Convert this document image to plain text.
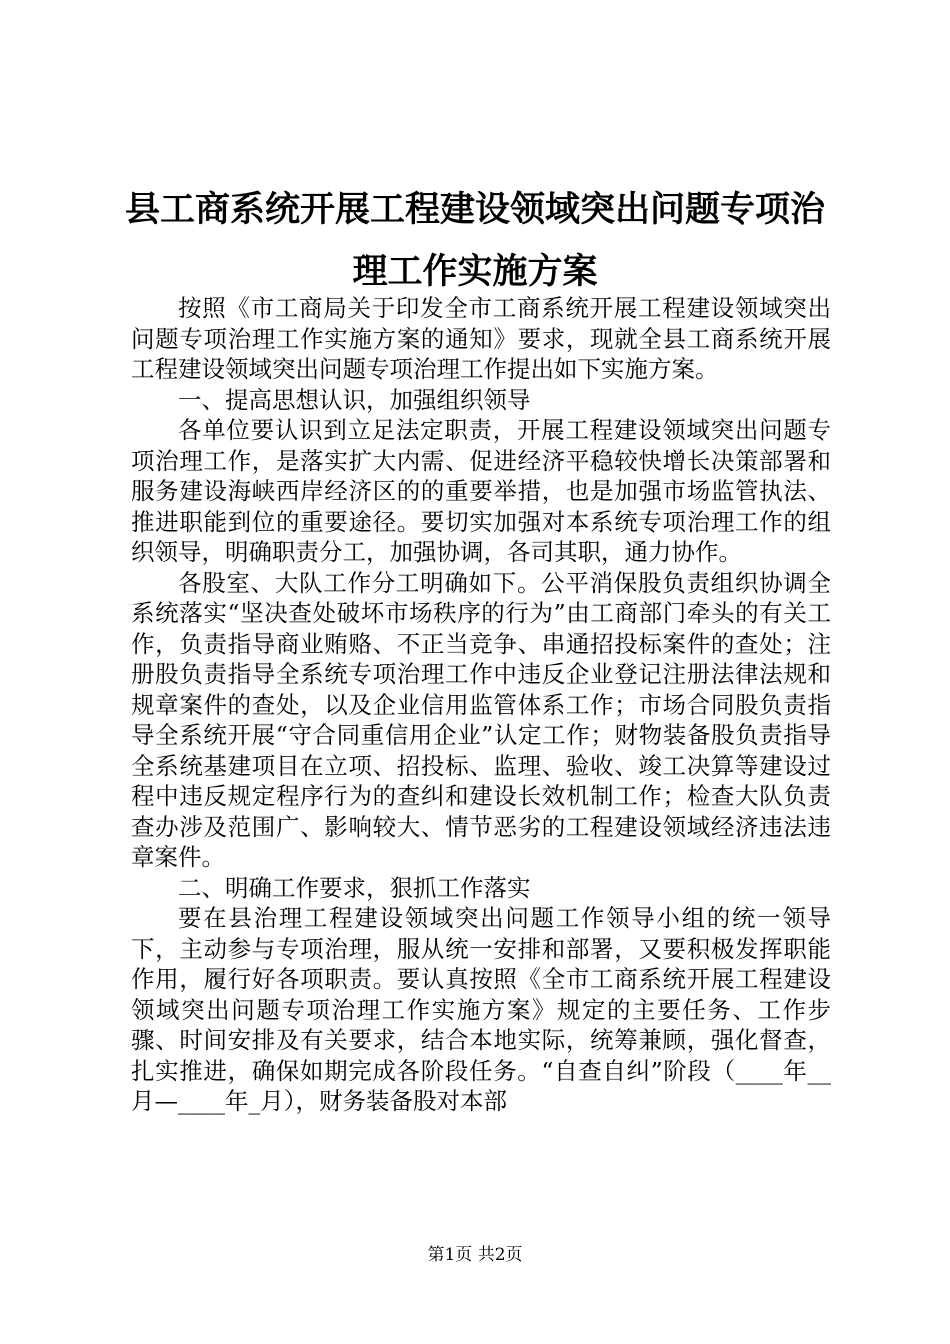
县工商系统开展工程建设领域突出问题专项治
理工作实施方案

按照《市工商局关于印发全市工商系统开展工程建设领域突出问题专项治理工作实施方案的通知》要求，现就全县工商系统开展工程建设领域突出问题专项治理工作提出如下实施方案。

一、提高思想认识，加强组织领导

各单位要认识到立足法定职责，开展工程建设领域突出问题专项治理工作，是落实扩大内需、促进经济平稳较快增长决策部署和服务建设海峡西岸经济区的的重要举措，也是加强市场监管执法、推进职能到位的重要途径。要切实加强对本系统专项治理工作的组织领导，明确职责分工，加强协调，各司其职，通力协作。

各股室、大队工作分工明确如下。公平消保股负责组织协调全系统落实“坚决查处破坏市场秩序的行为”由工商部门牵头的有关工作，负责指导商业贿赂、不正当竞争、串通招投标案件的查处；注册股负责指导全系统专项治理工作中违反企业登记注册法律法规和规章案件的查处，以及企业信用监管体系工作；市场合同股负责指导全系统开展“守合同重信用企业”认定工作；财物装备股负责指导全系统基建项目在立项、招投标、监理、验收、竣工决算等建设过程中违反规定程序行为的查纠和建设长效机制工作；检查大队负责查办涉及范围广、影响较大、情节恶劣的工程建设领域经济违法违章案件。

二、明确工作要求，狠抓工作落实

要在县治理工程建设领域突出问题工作领导小组的统一领导下，主动参与专项治理，服从统一安排和部署，又要积极发挥职能作用，履行好各项职责。要认真按照《全市工商系统开展工程建设领域突出问题专项治理工作实施方案》规定的主要任务、工作步骤、时间安排及有关要求，结合本地实际，统筹兼顾，强化督查，扎实推进，确保如期完成各阶段任务。“自查自纠”阶段（____年__月—____年_月），财务装备股对本部

第1页 共2页
